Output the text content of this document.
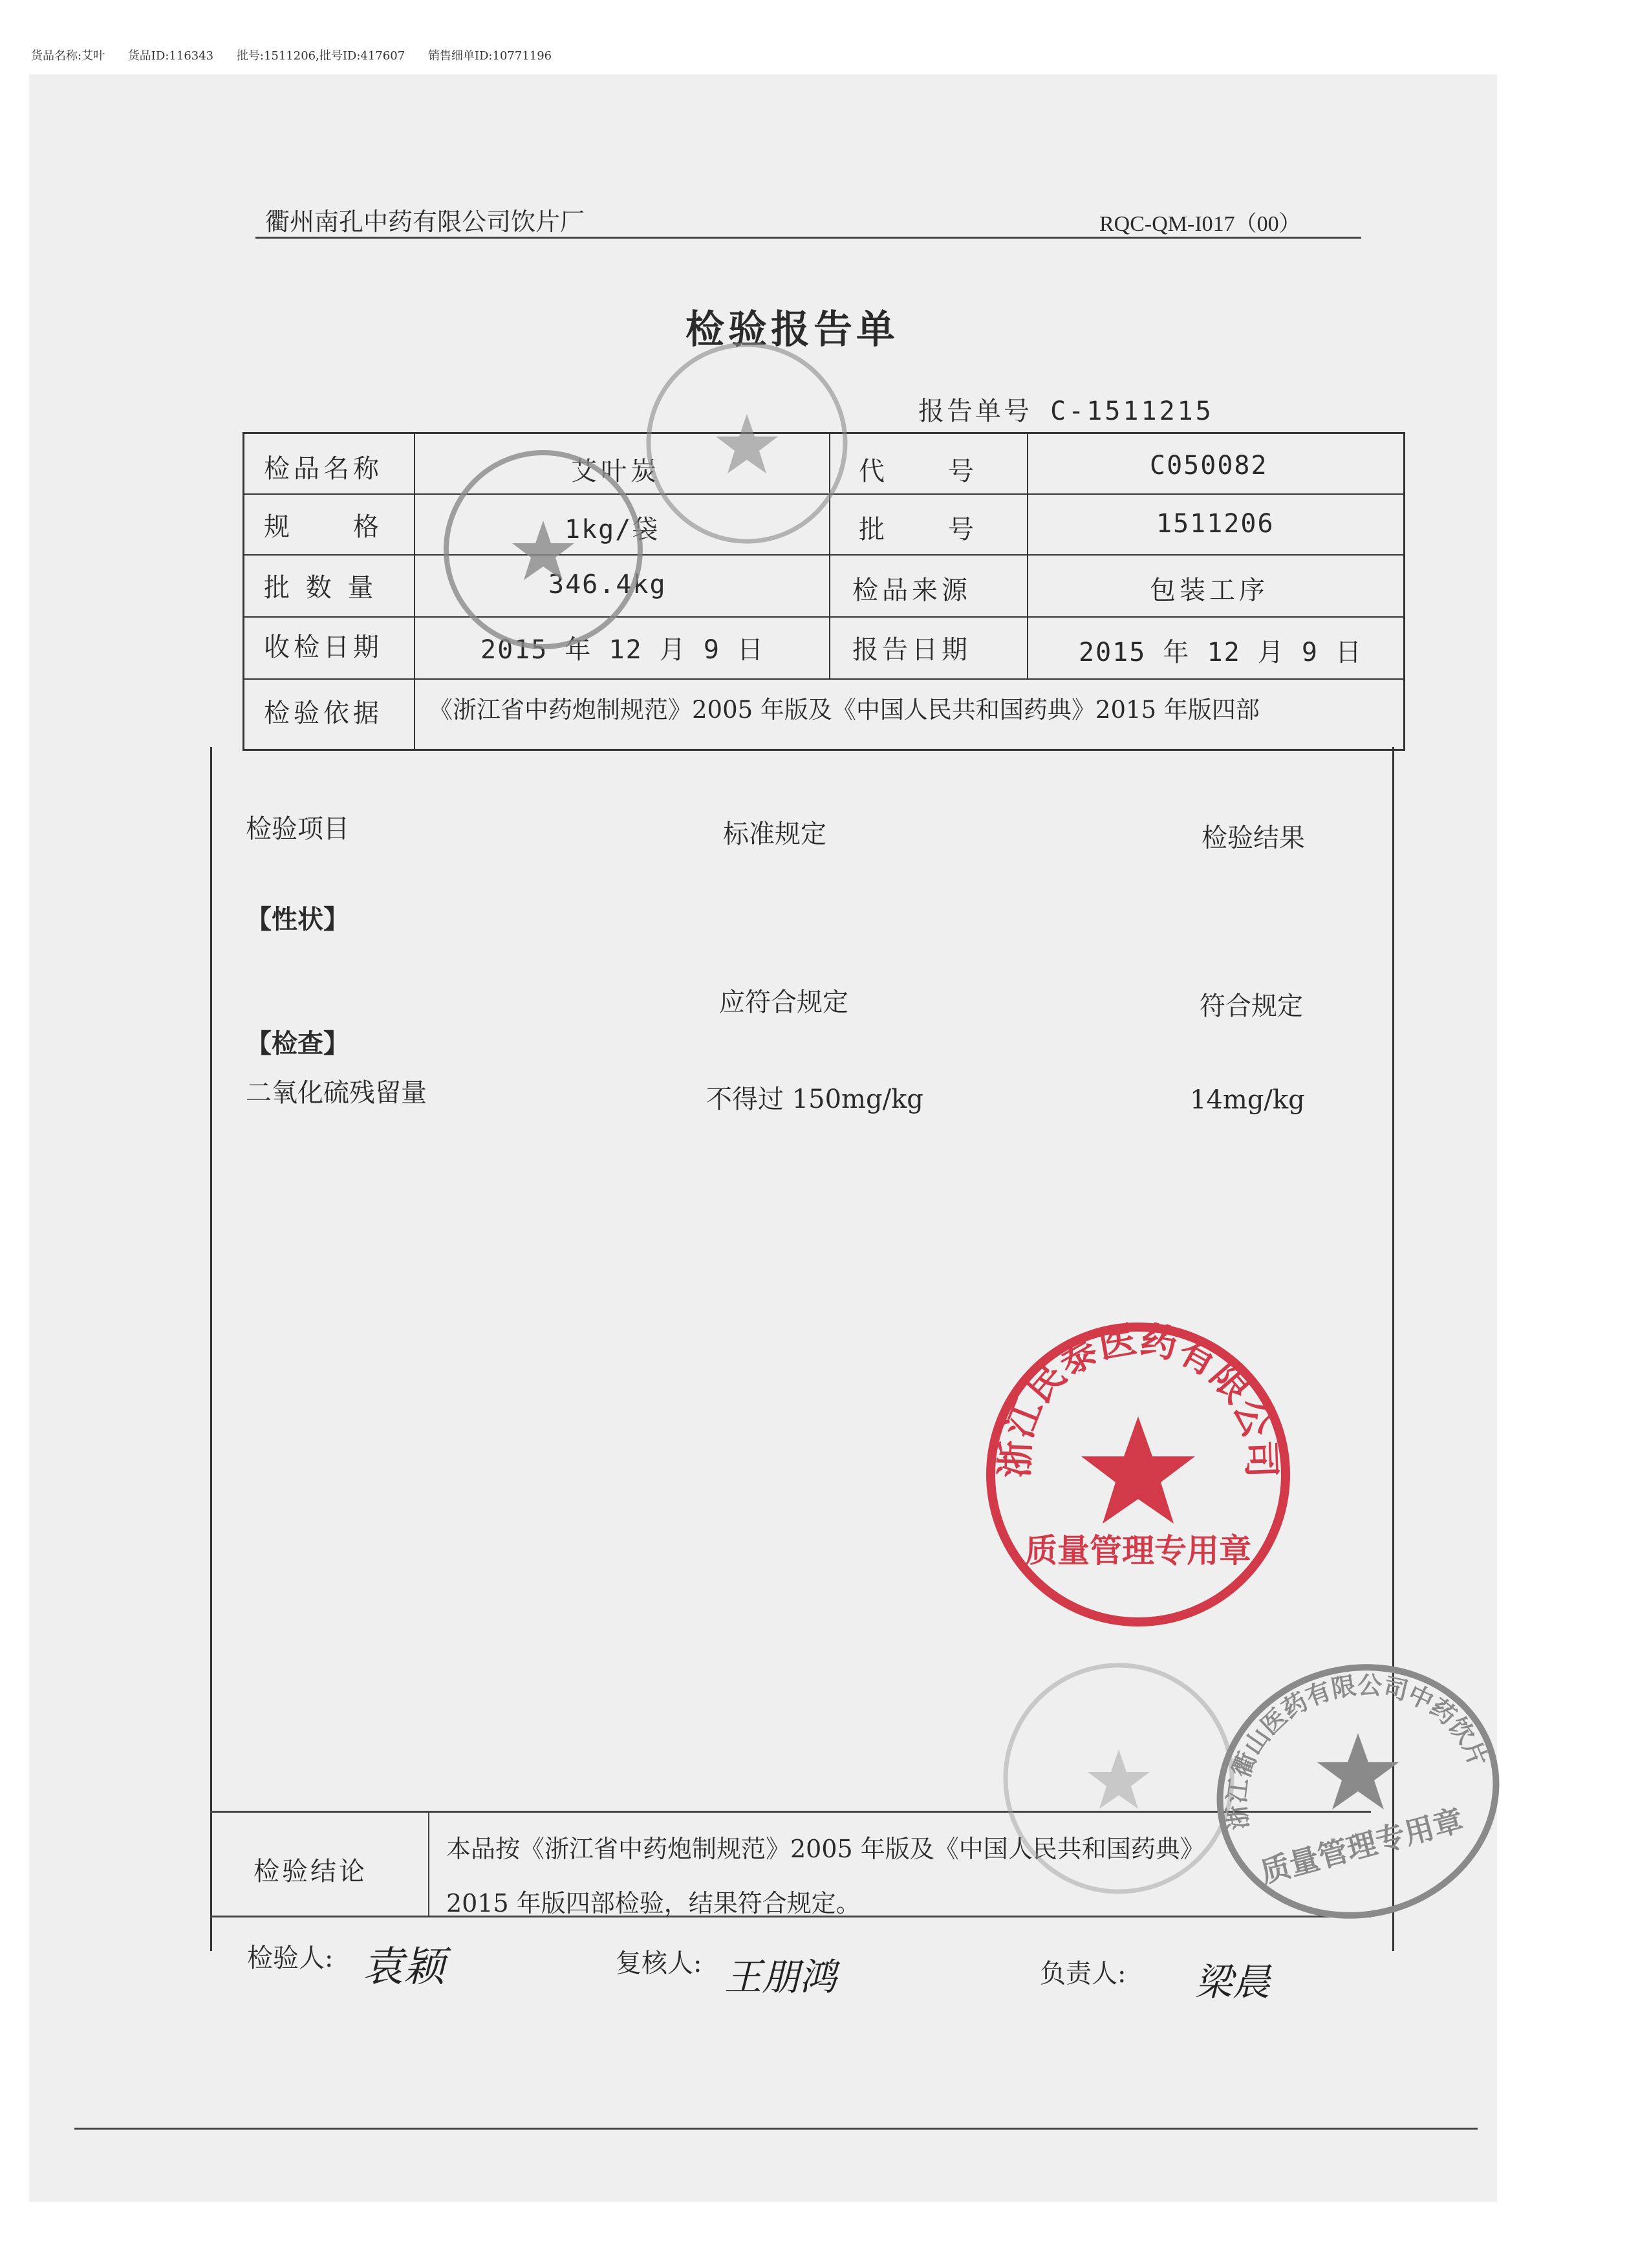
货品名称:艾叶 货品ID:116343 批号:1511206,批号ID:417607 销售细单ID:10771196
衢州南孔中药有限公司饮片厂	RQC-QM-I017（00）
检验报告单
报告单号 C-1511215
检品名称	艾叶炭	代　　号	C050082
规　　格	1kg/袋	批　　号	1511206
批 数 量	346.4kg	检品来源	包装工序
收检日期	2015 年 12 月 9 日	报告日期	2015 年 12 月 9 日
检验依据 《浙江省中药炮制规范》2005 年版及《中国人民共和国药典》2015 年版四部
检验项目	标准规定	检验结果
【性状】
应符合规定	符合规定
【检查】
二氧化硫残留量	不得过 150mg/kg	14mg/kg
检验结论
本品按《浙江省中药炮制规范》2005 年版及《中国人民共和国药典》
2015 年版四部检验，结果符合规定。
检验人: 袁颖	复核人: 王朋鸿	负责人: 梁晨
浙江民泰医药有限公司
质量管理专用章
浙江衢山医药有限公司中药饮片
质量管理专用章
